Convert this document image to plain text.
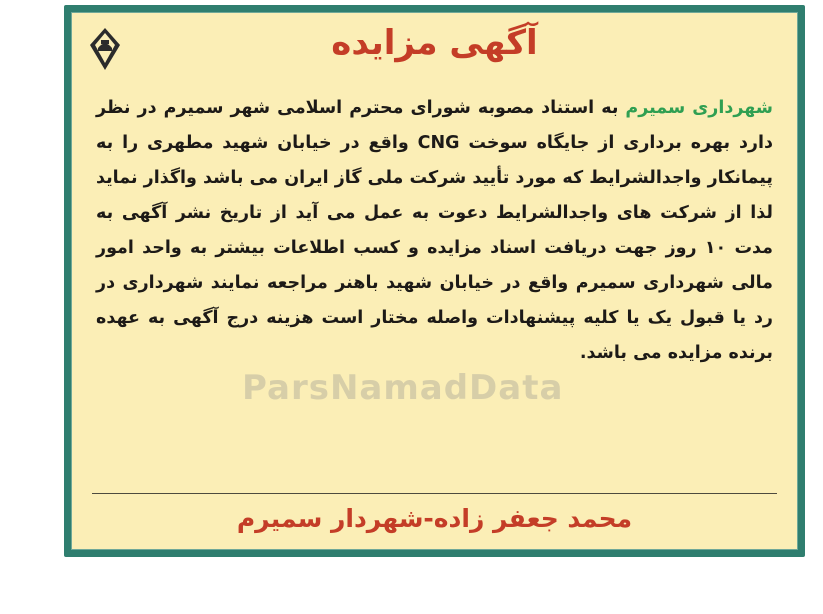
آگهی مزایده
شهرداری سمیرم به استناد مصوبه شورای محترم اسلامی شهر سمیرم در نظر دارد بهره برداری از جایگاه سوخت CNG واقع در خیابان شهید مطهری را به پیمانکار واجدالشرایط که مورد تأیید شرکت ملی گاز ایران می باشد واگذار نماید لذا از شرکت های واجدالشرایط دعوت به عمل می آید از تاریخ نشر آگهی به مدت ۱۰ روز جهت دریافت اسناد مزایده و کسب اطلاعات بیشتر به واحد امور مالی شهرداری سمیرم واقع در خیابان شهید باهنر مراجعه نمایند شهرداری در رد یا قبول یک یا کلیه پیشنهادات واصله مختار است هزینه درج آگهی به عهده برنده مزایده می باشد.
ParsNamadData
محمد جعفر زاده-شهردار سمیرم
